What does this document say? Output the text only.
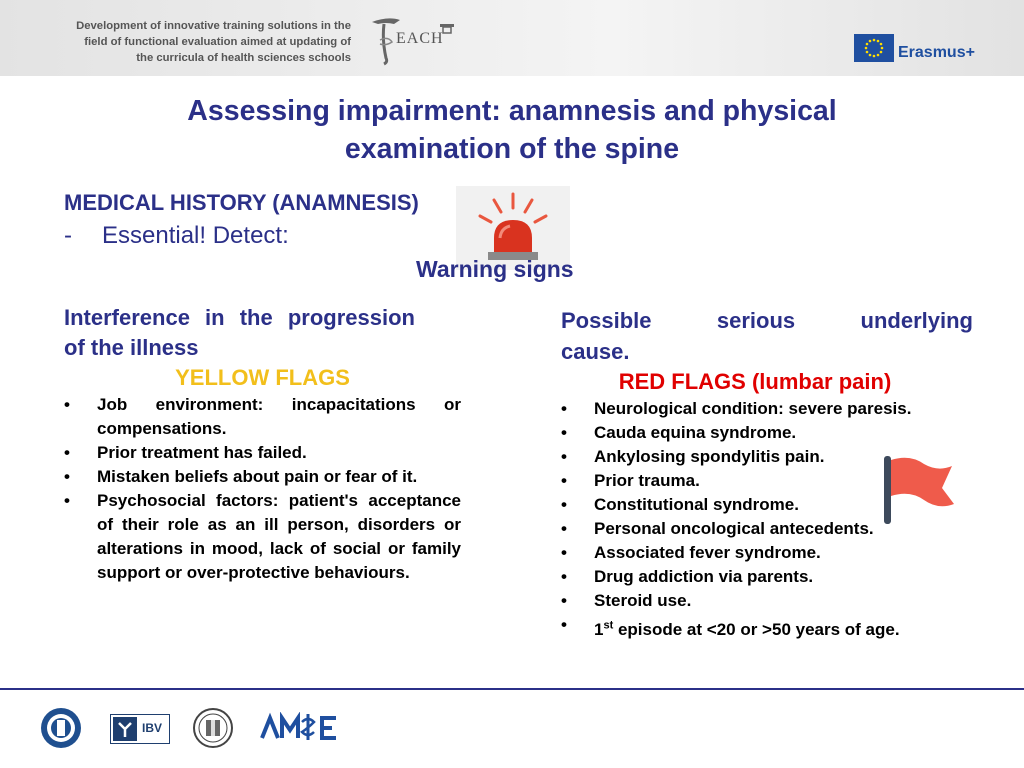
Development of innovative training solutions in the
field of functional evaluation aimed at updating of
the curricula of health sciences schools
EACH
Erasmus+
Assessing impairment: anamnesis and physical
examination of the spine
MEDICAL HISTORY (ANAMNESIS)
- Essential! Detect:
Warning signs
Interference in the progression
of the illness
YELLOW FLAGS
•	Job environment: incapacitations or compensations.
•	Prior treatment has failed.
•	Mistaken beliefs about pain or fear of it.
•	Psychosocial factors: patient's acceptance of their role as an ill person, disorders or alterations in mood, lack of social or family support or over-protective behaviours.
Possible	serious	underlying
cause.
RED FLAGS (lumbar pain)
•	Neurological condition: severe paresis.
•	Cauda equina syndrome.
•	Ankylosing spondylitis pain.
•	Prior trauma.
•	Constitutional syndrome.
•	Personal oncological antecedents.
•	Associated fever syndrome.
•	Drug addiction via parents.
•	Steroid use.
•	1st episode at <20 or >50 years of age.
IBV
